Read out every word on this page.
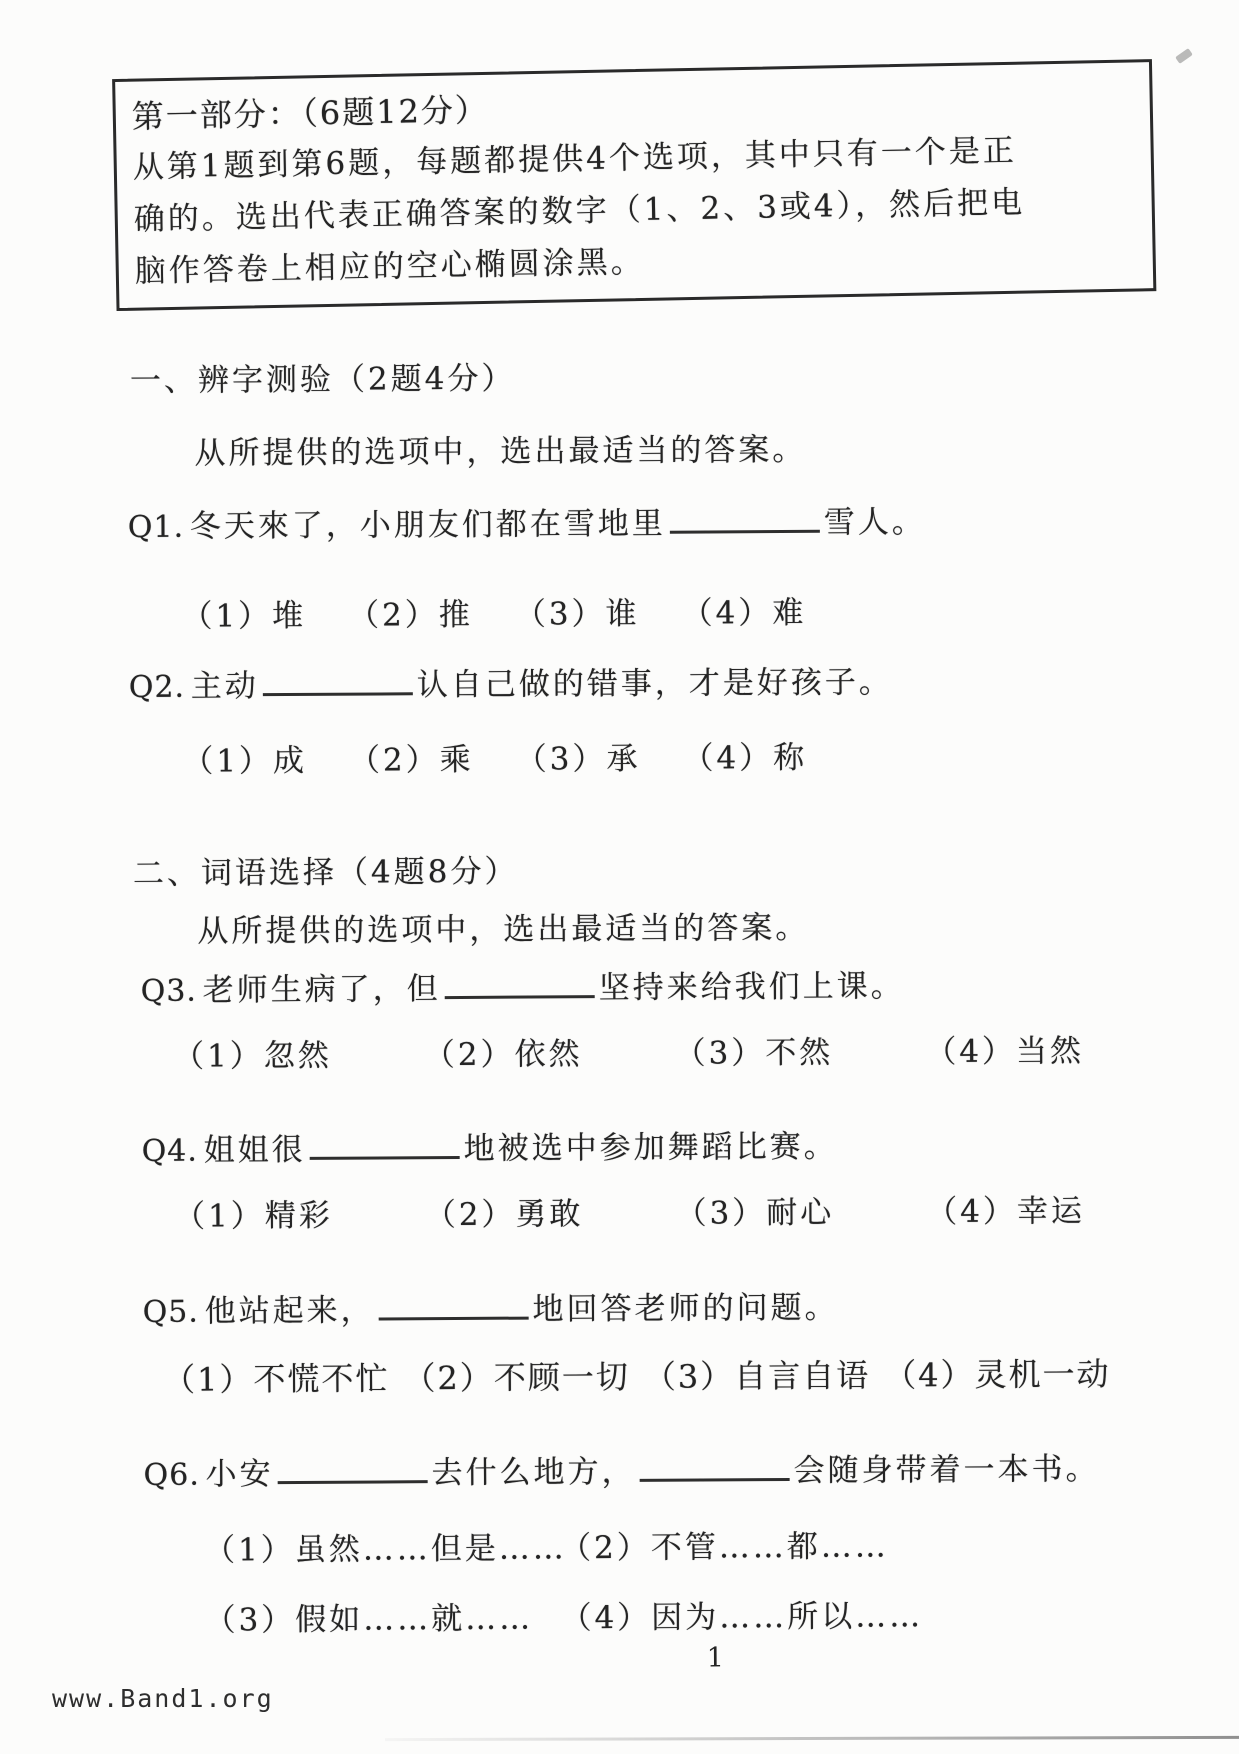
第一部分：（6题12分）
从第1题到第6题，每题都提供4个选项，其中只有一个是正
确的。选出代表正确答案的数字（1、2、3或4），然后把电
脑作答卷上相应的空心椭圆涂黑。
一、辨字测验（2题4分）
从所提供的选项中，选出最适当的答案。
Q1. 冬天來了，小朋友们都在雪地里	雪人。
（1）堆 （2）推 （3）谁 （4）难
Q2. 主动	认自己做的错事，才是好孩子。
（1）成 （2）乘 （3）承 （4）称
二、词语选择（4题8分）
从所提供的选项中，选出最适当的答案。
Q3. 老师生病了，但	坚持来给我们上课。
（1）忽然	（2）依然	（3）不然	（4）当然
Q4. 姐姐很	地被选中参加舞蹈比赛。
（1）精彩	（2）勇敢	（3）耐心	（4）幸运
Q5. 他站起来，	地回答老师的问题。
（1）不慌不忙 （2）不顾一切 （3）自言自语 （4）灵机一动
Q6. 小安	去什么地方，	会随身带着一本书。
（1）虽然……但是……
（2）不管……都……
（3）假如……就…… （4）因为……所以……
1
www.Band1.org
